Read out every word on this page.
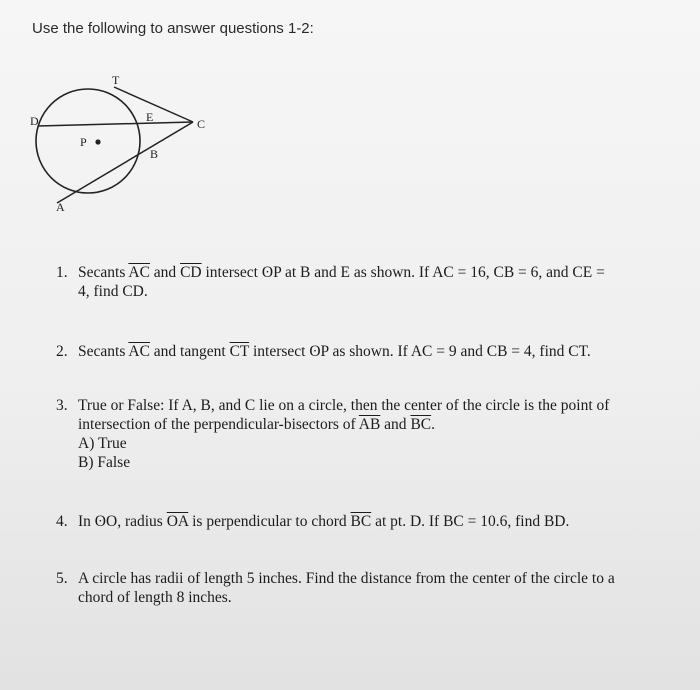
Use the following to answer questions 1-2:
T
D	E	C
P
B
A
1. Secants $\overline{AC}$ and $\overline{CD}$ intersect ʘP at B and E as shown. If AC = 16, CB = 6, and CE =
4, find CD.
2. Secants $\overline{AC}$ and tangent $\overline{CT}$ intersect ʘP as shown. If AC = 9 and CB = 4, find CT.
3. True or False: If A, B, and C lie on a circle, then the center of the circle is the point of
intersection of the perpendicular-bisectors of $\overline{AB}$ and $\overline{BC}$.
A) True
B) False
4. In ʘO, radius $\overline{OA}$ is perpendicular to chord $\overline{BC}$ at pt. D. If BC = 10.6, find BD.
5. A circle has radii of length 5 inches. Find the distance from the center of the circle to a
chord of length 8 inches.
